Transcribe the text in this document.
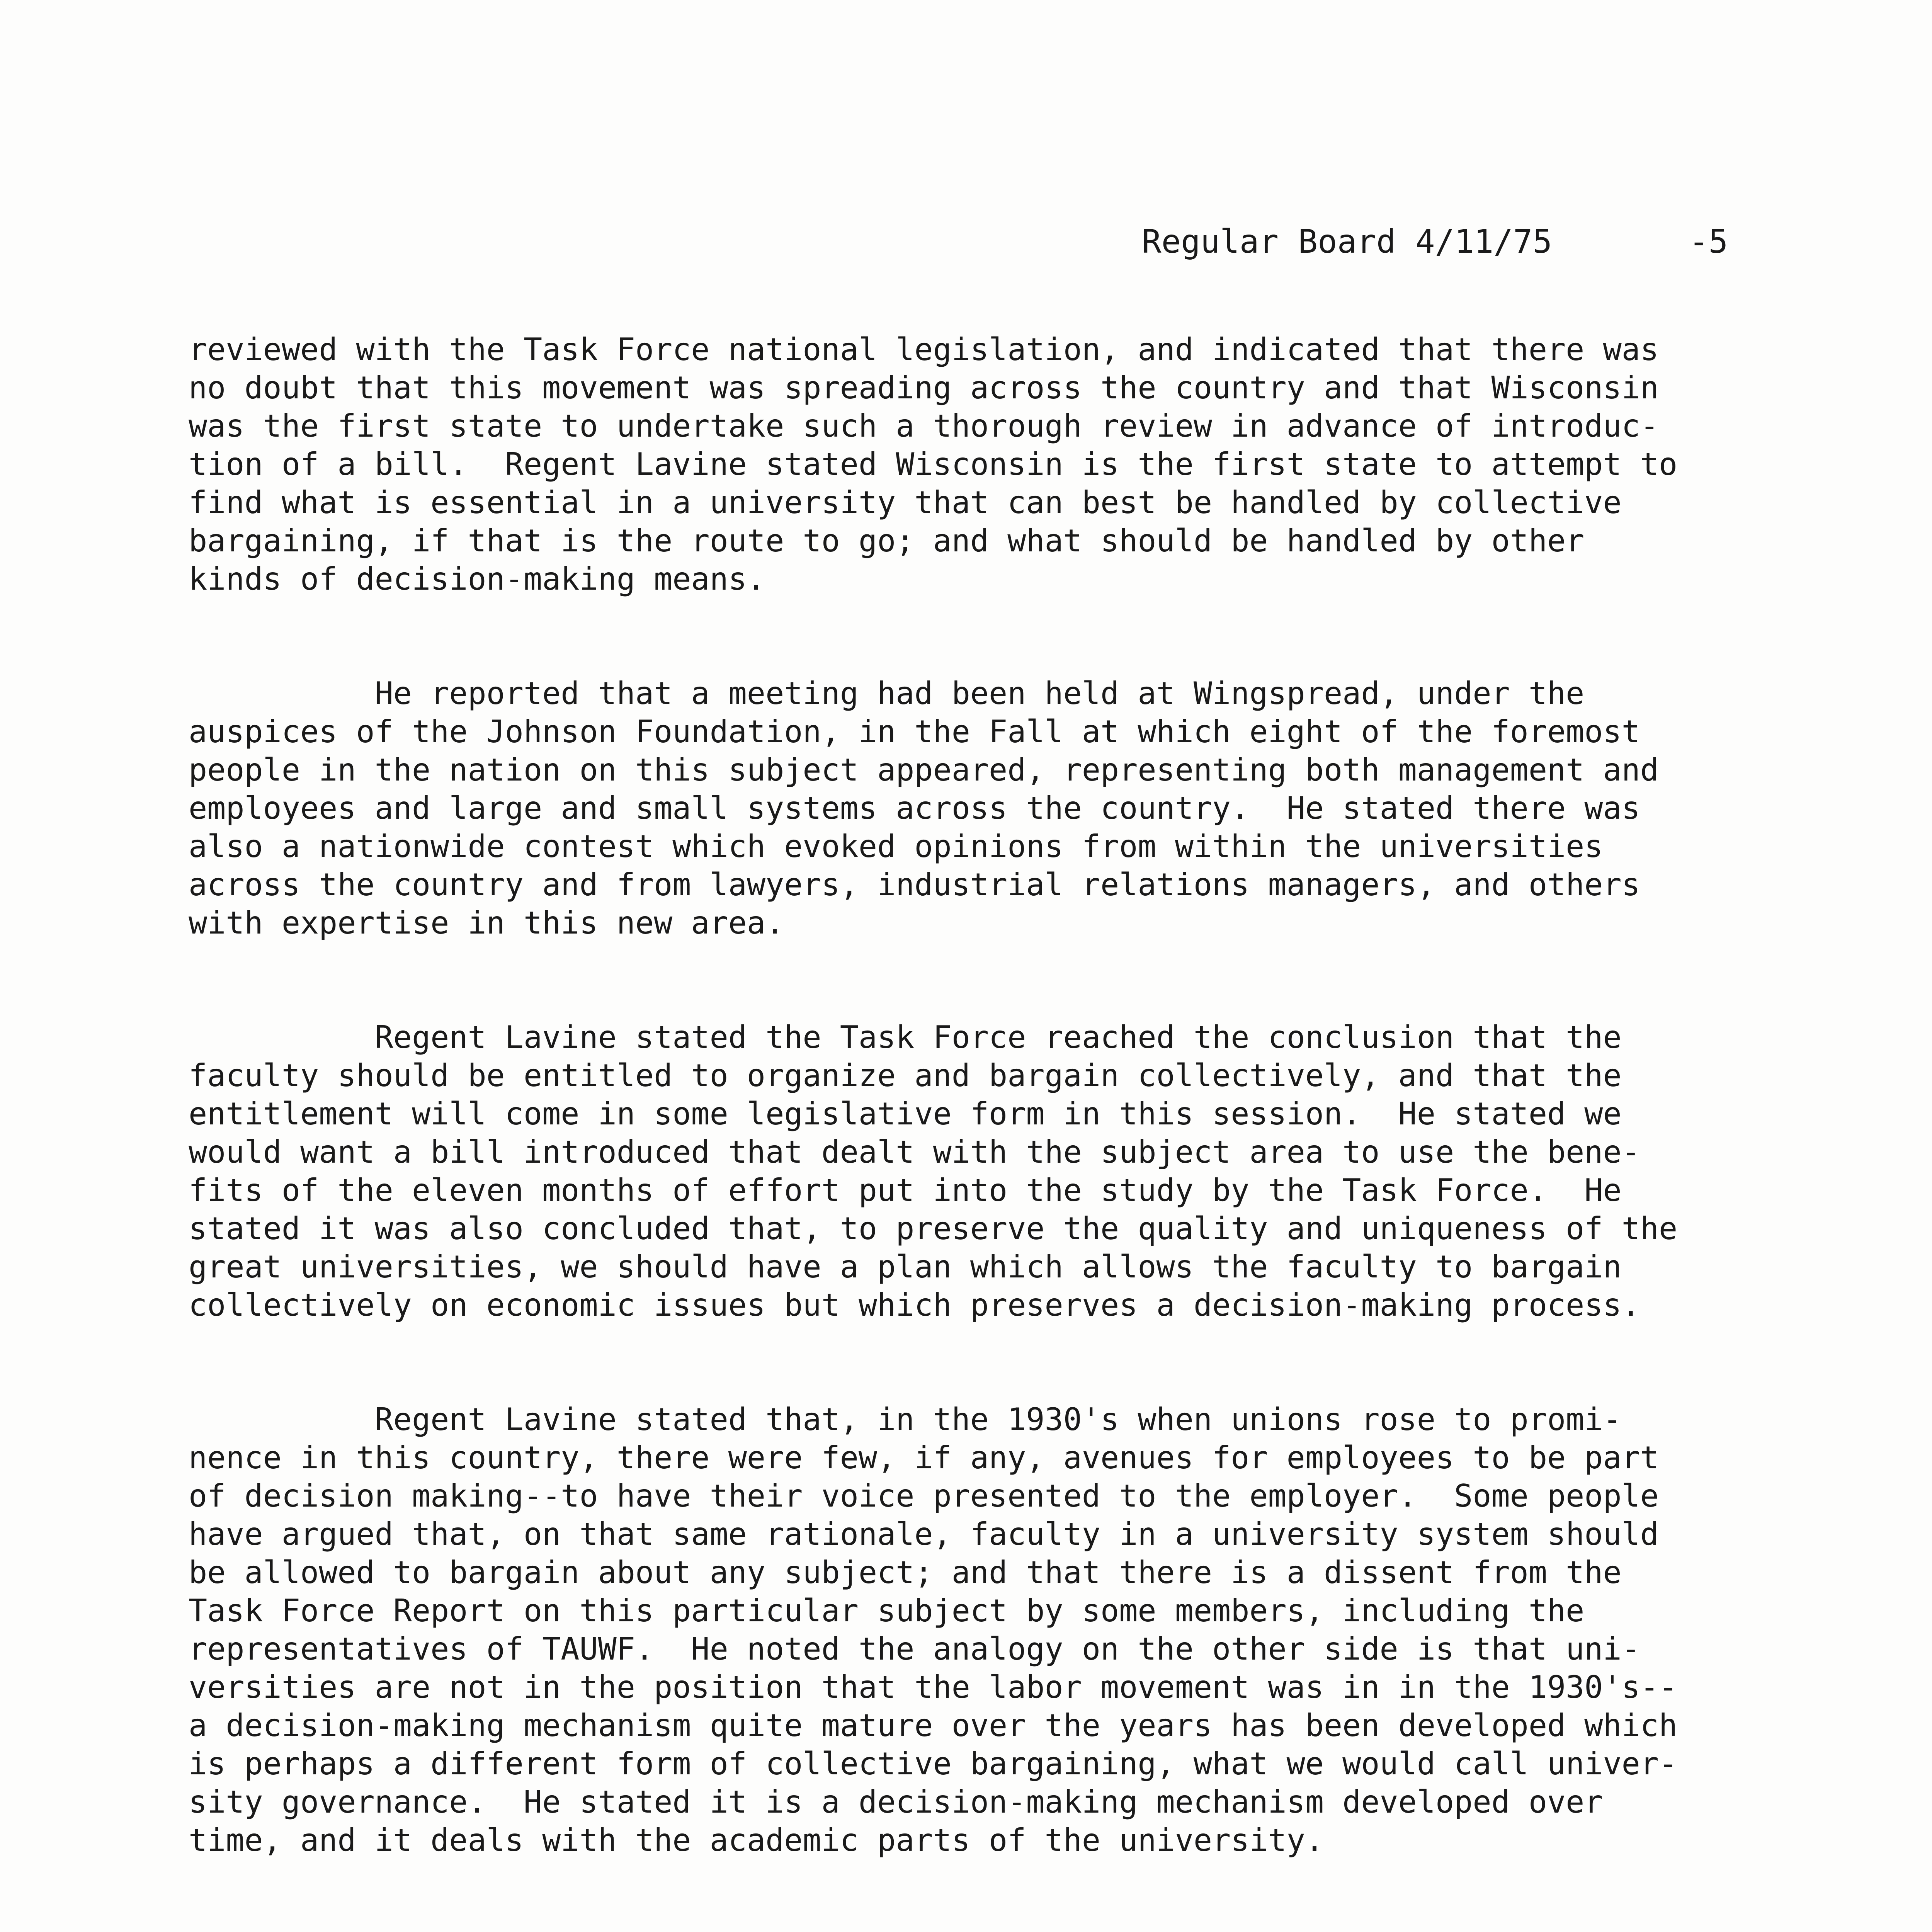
Regular Board 4/11/75	-5
reviewed with the Task Force national legislation, and indicated that there was
no doubt that this movement was spreading across the country and that Wisconsin
was the first state to undertake such a thorough review in advance of introduc-
tion of a bill.  Regent Lavine stated Wisconsin is the first state to attempt to
find what is essential in a university that can best be handled by collective
bargaining, if that is the route to go; and what should be handled by other
kinds of decision-making means.
He reported that a meeting had been held at Wingspread, under the
auspices of the Johnson Foundation, in the Fall at which eight of the foremost
people in the nation on this subject appeared, representing both management and
employees and large and small systems across the country.  He stated there was
also a nationwide contest which evoked opinions from within the universities
across the country and from lawyers, industrial relations managers, and others
with expertise in this new area.
Regent Lavine stated the Task Force reached the conclusion that the
faculty should be entitled to organize and bargain collectively, and that the
entitlement will come in some legislative form in this session.  He stated we
would want a bill introduced that dealt with the subject area to use the bene-
fits of the eleven months of effort put into the study by the Task Force.  He
stated it was also concluded that, to preserve the quality and uniqueness of the
great universities, we should have a plan which allows the faculty to bargain
collectively on economic issues but which preserves a decision-making process.
Regent Lavine stated that, in the 1930's when unions rose to promi-
nence in this country, there were few, if any, avenues for employees to be part
of decision making--to have their voice presented to the employer.  Some people
have argued that, on that same rationale, faculty in a university system should
be allowed to bargain about any subject; and that there is a dissent from the
Task Force Report on this particular subject by some members, including the
representatives of TAUWF.  He noted the analogy on the other side is that uni-
versities are not in the position that the labor movement was in in the 1930's--
a decision-making mechanism quite mature over the years has been developed which
is perhaps a different form of collective bargaining, what we would call univer-
sity governance.  He stated it is a decision-making mechanism developed over
time, and it deals with the academic parts of the university.
